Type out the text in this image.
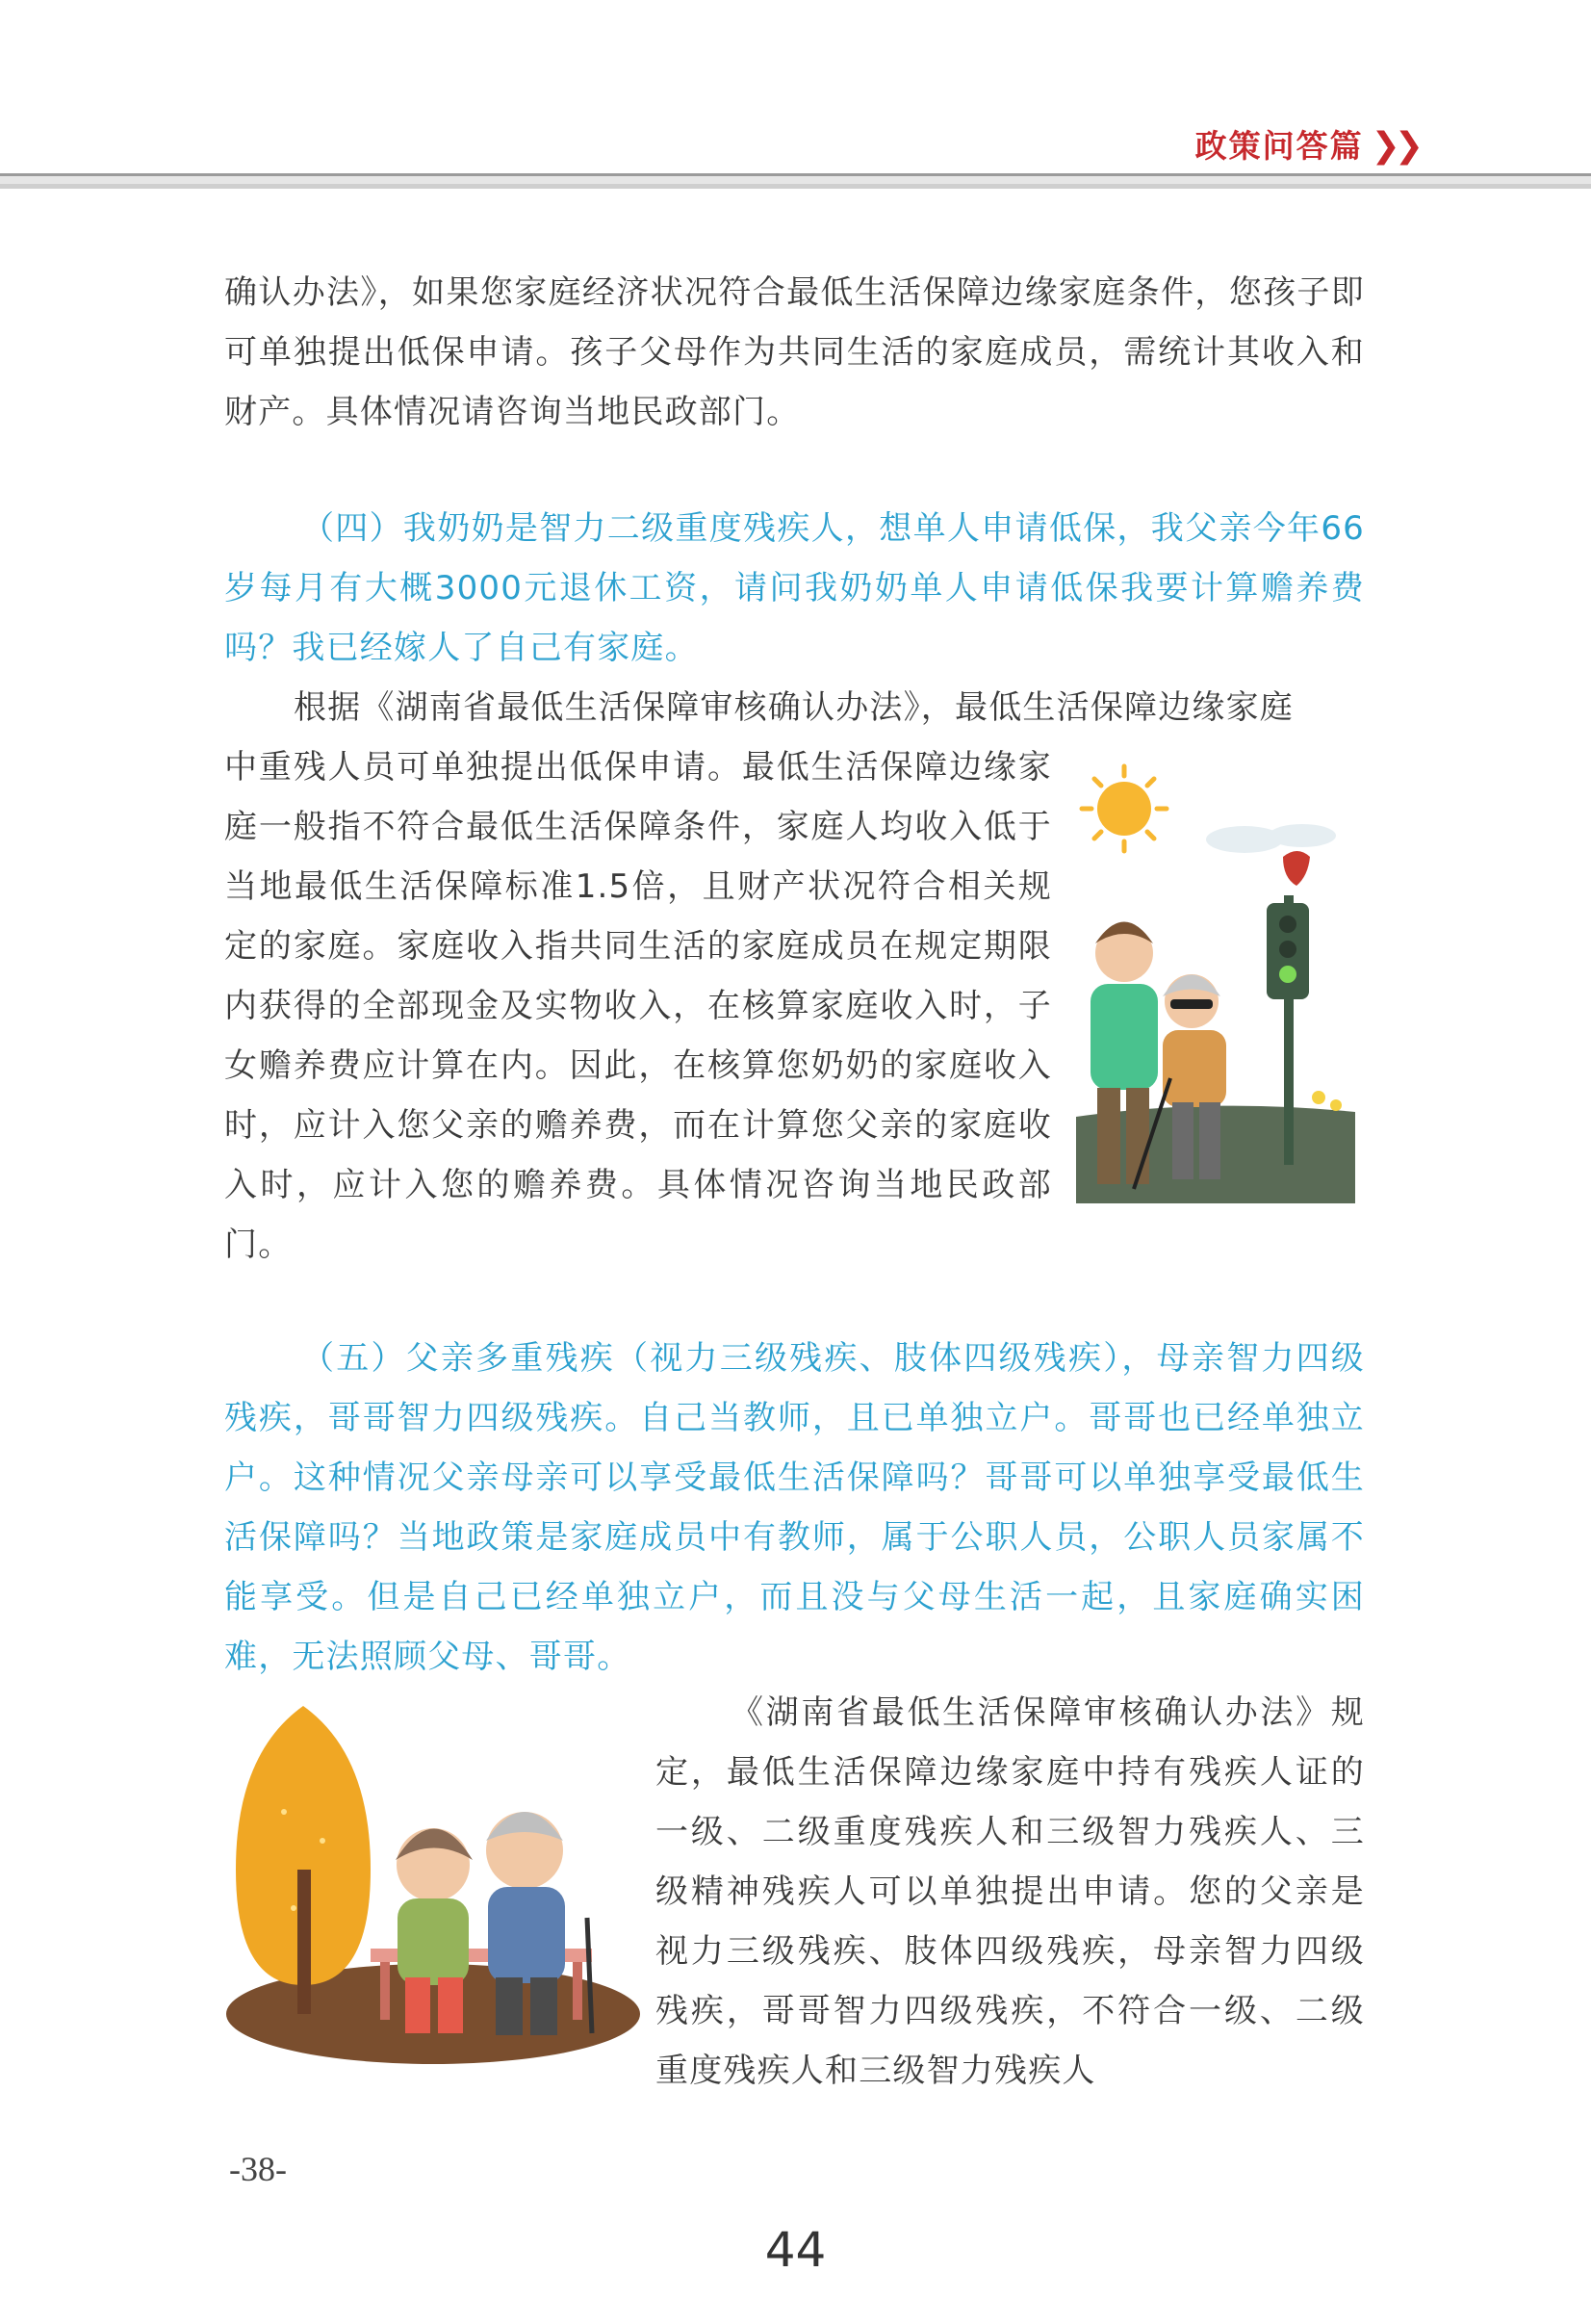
政策问答篇 ❯❯

确认办法》，如果您家庭经济状况符合最低生活保障边缘家庭条件，您孩子即可单独提出低保申请。孩子父母作为共同生活的家庭成员，需统计其收入和财产。具体情况请咨询当地民政部门。

（四）我奶奶是智力二级重度残疾人，想单人申请低保，我父亲今年66岁每月有大概3000元退休工资，请问我奶奶单人申请低保我要计算赡养费吗？我已经嫁人了自己有家庭。

根据《湖南省最低生活保障审核确认办法》，最低生活保障边缘家庭

中重残人员可单独提出低保申请。最低生活保障边缘家庭一般指不符合最低生活保障条件，家庭人均收入低于当地最低生活保障标准1.5倍，且财产状况符合相关规定的家庭。家庭收入指共同生活的家庭成员在规定期限内获得的全部现金及实物收入，在核算家庭收入时，子女赡养费应计算在内。因此，在核算您奶奶的家庭收入时，应计入您父亲的赡养费，而在计算您父亲的家庭收入时，应计入您的赡养费。具体情况咨询当地民政部门。

（五）父亲多重残疾（视力三级残疾、肢体四级残疾），母亲智力四级残疾，哥哥智力四级残疾。自己当教师，且已单独立户。哥哥也已经单独立户。这种情况父亲母亲可以享受最低生活保障吗？哥哥可以单独享受最低生活保障吗？当地政策是家庭成员中有教师，属于公职人员，公职人员家属不能享受。但是自己已经单独立户，而且没与父母生活一起，且家庭确实困难，无法照顾父母、哥哥。

《湖南省最低生活保障审核确认办法》规定，最低生活保障边缘家庭中持有残疾人证的一级、二级重度残疾人和三级智力残疾人、三级精神残疾人可以单独提出申请。您的父亲是视力三级残疾、肢体四级残疾，母亲智力四级残疾，哥哥智力四级残疾，不符合一级、二级重度残疾人和三级智力残疾人

-38-
44
